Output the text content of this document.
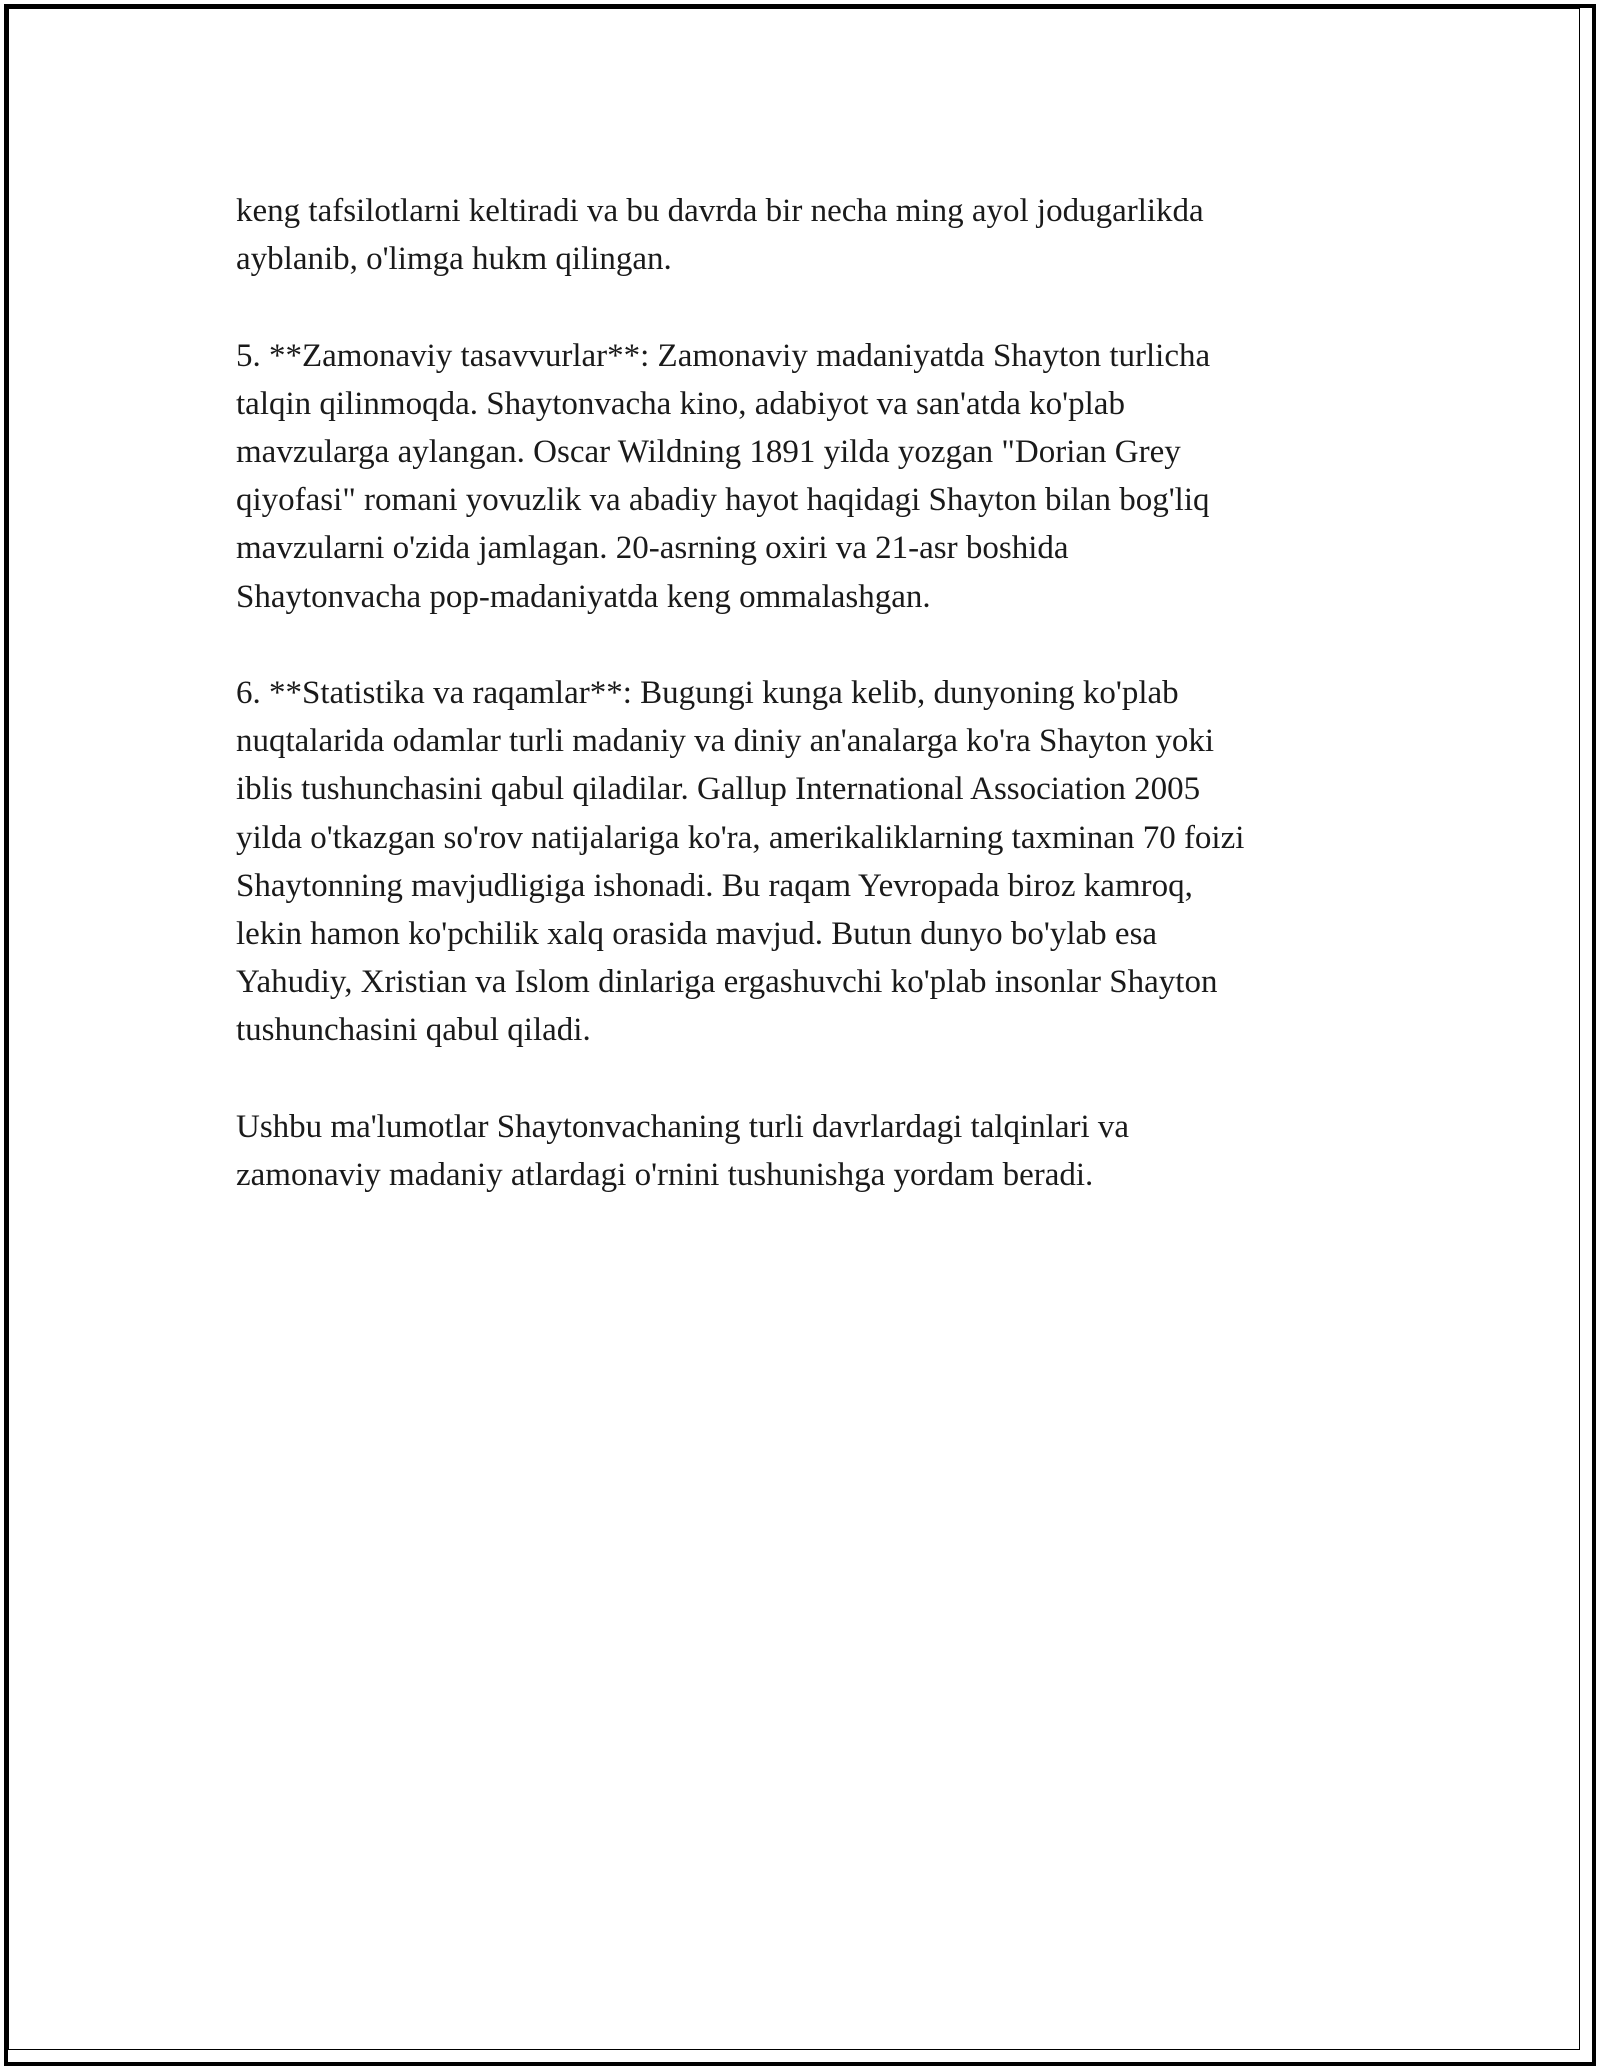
keng tafsilotlarni keltiradi va bu davrda bir necha ming ayol jodugarlikda
ayblanib, o'limga hukm qilingan.

5. **Zamonaviy tasavvurlar**: Zamonaviy madaniyatda Shayton turlicha
talqin qilinmoqda. Shaytonvacha kino, adabiyot va san'atda ko'plab
mavzularga aylangan. Oscar Wildning 1891 yilda yozgan "Dorian Grey
qiyofasi" romani yovuzlik va abadiy hayot haqidagi Shayton bilan bog'liq
mavzularni o'zida jamlagan. 20-asrning oxiri va 21-asr boshida
Shaytonvacha pop-madaniyatda keng ommalashgan.

6. **Statistika va raqamlar**: Bugungi kunga kelib, dunyoning ko'plab
nuqtalarida odamlar turli madaniy va diniy an'analarga ko'ra Shayton yoki
iblis tushunchasini qabul qiladilar. Gallup International Association 2005
yilda o'tkazgan so'rov natijalariga ko'ra, amerikaliklarning taxminan 70 foizi
Shaytonning mavjudligiga ishonadi. Bu raqam Yevropada biroz kamroq,
lekin hamon ko'pchilik xalq orasida mavjud. Butun dunyo bo'ylab esa
Yahudiy, Xristian va Islom dinlariga ergashuvchi ko'plab insonlar Shayton
tushunchasini qabul qiladi.

Ushbu ma'lumotlar Shaytonvachaning turli davrlardagi talqinlari va
zamonaviy madaniy atlardagi o'rnini tushunishga yordam beradi.
